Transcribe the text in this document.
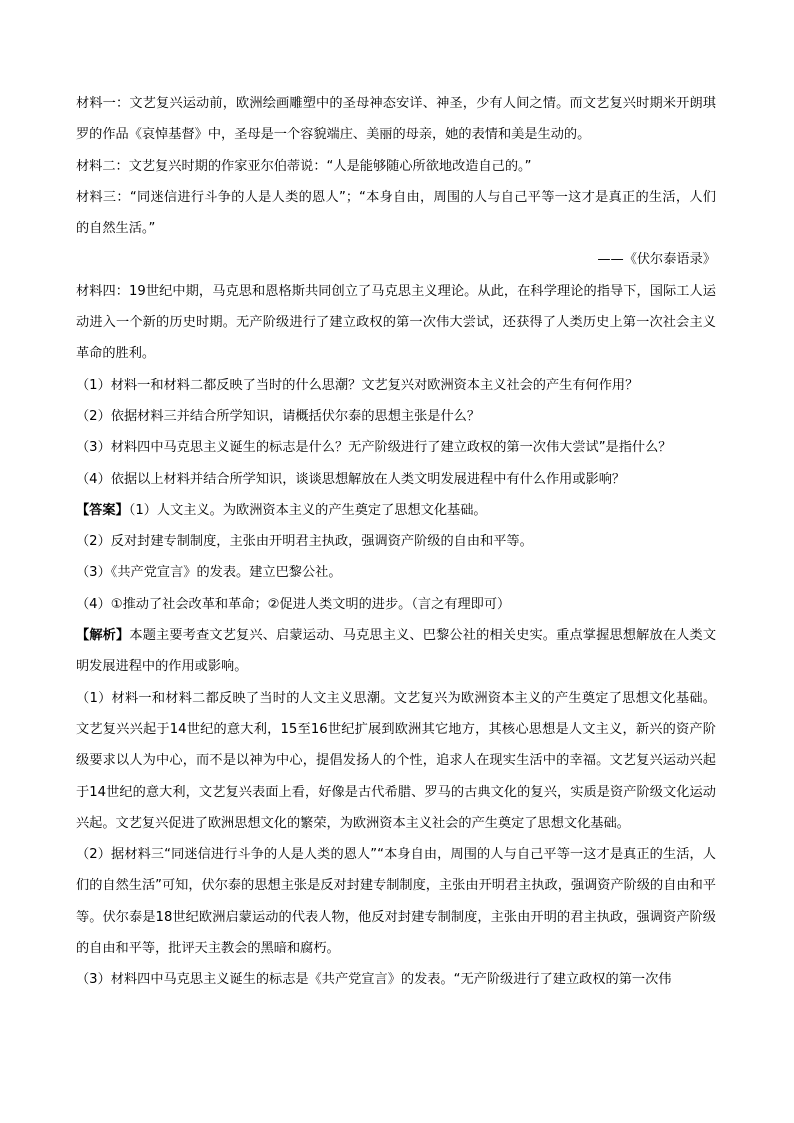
材料一：文艺复兴运动前，欧洲绘画雕塑中的圣母神态安详、神圣，少有人间之情。而文艺复兴时期米开朗琪罗的作品《哀悼基督》中，圣母是一个容貌端庄、美丽的母亲，她的表情和美是生动的。

材料二：文艺复兴时期的作家亚尔伯蒂说：“人是能够随心所欲地改造自己的。”

材料三：“同迷信进行斗争的人是人类的恩人”；“本身自由，周围的人与自己平等一这才是真正的生活，人们的自然生活。”

——《伏尔泰语录》

材料四：19世纪中期，马克思和恩格斯共同创立了马克思主义理论。从此，在科学理论的指导下，国际工人运动进入一个新的历史时期。无产阶级进行了建立政权的第一次伟大尝试，还获得了人类历史上第一次社会主义革命的胜利。

（1）材料一和材料二都反映了当时的什么思潮？文艺复兴对欧洲资本主义社会的产生有何作用？

（2）依据材料三并结合所学知识，请概括伏尔泰的思想主张是什么？

（3）材料四中马克思主义诞生的标志是什么？无产阶级进行了建立政权的第一次伟大尝试”是指什么？

（4）依据以上材料并结合所学知识，谈谈思想解放在人类文明发展进程中有什么作用或影响？

【答案】（1）人文主义。为欧洲资本主义的产生奠定了思想文化基础。

（2）反对封建专制制度，主张由开明君主执政，强调资产阶级的自由和平等。

（3）《共产党宣言》的发表。建立巴黎公社。

（4）①推动了社会改革和革命；②促进人类文明的进步。（言之有理即可）

【解析】本题主要考查文艺复兴、启蒙运动、马克思主义、巴黎公社的相关史实。重点掌握思想解放在人类文明发展进程中的作用或影响。

（1）材料一和材料二都反映了当时的人文主义思潮。文艺复兴为欧洲资本主义的产生奠定了思想文化基础。文艺复兴兴起于14世纪的意大利，15至16世纪扩展到欧洲其它地方，其核心思想是人文主义，新兴的资产阶级要求以人为中心，而不是以神为中心，提倡发扬人的个性，追求人在现实生活中的幸福。文艺复兴运动兴起于14世纪的意大利，文艺复兴表面上看，好像是古代希腊、罗马的古典文化的复兴，实质是资产阶级文化运动兴起。文艺复兴促进了欧洲思想文化的繁荣，为欧洲资本主义社会的产生奠定了思想文化基础。

（2）据材料三“同迷信进行斗争的人是人类的恩人”“本身自由，周围的人与自己平等一这才是真正的生活，人们的自然生活”可知，伏尔泰的思想主张是反对封建专制制度，主张由开明君主执政，强调资产阶级的自由和平等。伏尔泰是18世纪欧洲启蒙运动的代表人物，他反对封建专制制度，主张由开明的君主执政，强调资产阶级的自由和平等，批评天主教会的黑暗和腐朽。

（3）材料四中马克思主义诞生的标志是《共产党宣言》的发表。“无产阶级进行了建立政权的第一次伟
